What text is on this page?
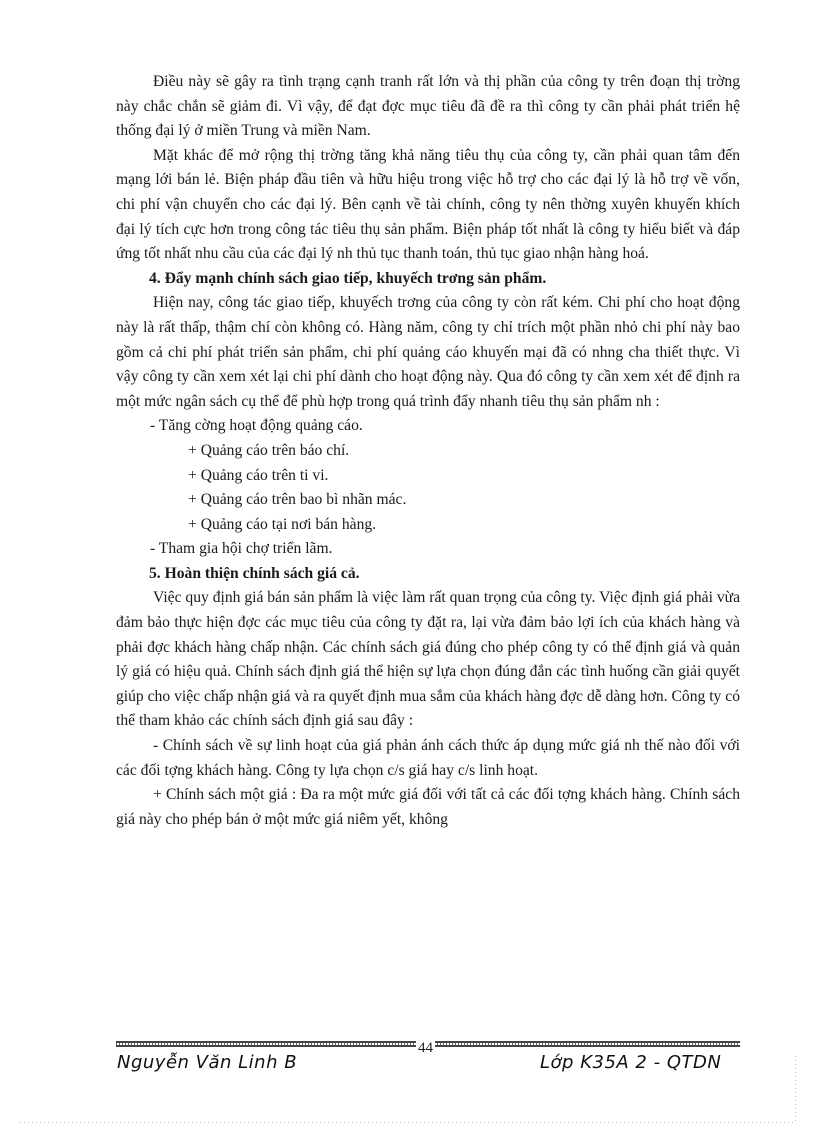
Điều này sẽ gây ra tình trạng cạnh tranh rất lớn và thị phần của công ty trên đoạn thị trờng này chắc chắn sẽ giảm đi. Vì vậy, để đạt đợc mục tiêu đã đề ra thì công ty cần phải phát triển hệ thống đại lý ở miền Trung và miền Nam.

Mặt khác để mở rộng thị trờng tăng khả năng tiêu thụ của công ty, cần phải quan tâm đến mạng lới bán lẻ. Biện pháp đầu tiên và hữu hiệu trong việc hỗ trợ cho các đại lý là hỗ trợ về vốn, chi phí vận chuyển cho các đại lý. Bên cạnh về tài chính, công ty nên thờng xuyên khuyến khích đại lý tích cực hơn trong công tác tiêu thụ sản phẩm. Biện pháp tốt nhất là công ty hiểu biết và đáp ứng tốt nhất nhu cầu của các đại lý nh thủ tục thanh toán, thủ tục giao nhận hàng hoá.

4. Đẩy mạnh chính sách giao tiếp, khuyếch trơng sản phẩm.

Hiện nay, công tác giao tiếp, khuyếch trơng của công ty còn rất kém. Chi phí cho hoạt động này là rất thấp, thậm chí còn không có. Hàng năm, công ty chỉ trích một phần nhỏ chi phí này bao gồm cả chi phí phát triển sản phẩm, chi phí quảng cáo khuyến mại đã có nhng cha thiết thực. Vì vậy công ty cần xem xét lại chi phí dành cho hoạt động này. Qua đó công ty cần xem xét để định ra một mức ngân sách cụ thể để phù hợp trong quá trình đẩy nhanh tiêu thụ sản phẩm nh :

- Tăng cờng hoạt động quảng cáo.

+ Quảng cáo trên báo chí.

+ Quảng cáo trên ti vi.

+ Quảng cáo trên bao bì nhãn mác.

+ Quảng cáo tại nơi bán hàng.

- Tham gia hội chợ triển lãm.

5. Hoàn thiện chính sách giá cả.

Việc quy định giá bán sản phẩm là việc làm rất quan trọng của công ty. Việc định giá phải vừa đảm bảo thực hiện đợc các mục tiêu của công ty đặt ra, lại vừa đảm bảo lợi ích của khách hàng và phải đợc khách hàng chấp nhận. Các chính sách giá đúng cho phép công ty có thể định giá và quản lý giá có hiệu quả. Chính sách định giá thể hiện sự lựa chọn đúng đắn các tình huống cần giải quyết giúp cho việc chấp nhận giá và ra quyết định mua sắm của khách hàng đợc dễ dàng hơn. Công ty có thể tham khảo các chính sách định giá sau đây :

- Chính sách về sự linh hoạt của giá phản ánh cách thức áp dụng mức giá nh thế nào đối với các đối tợng khách hàng. Công ty lựa chọn c/s giá hay c/s linh hoạt.

+ Chính sách một giá : Đa ra một mức giá đối với tất cả các đối tợng khách hàng. Chính sách giá này cho phép bán ở một mức giá niêm yết, không

44
Nguyễn Văn Linh B	Lớp K35A 2 - QTDN
